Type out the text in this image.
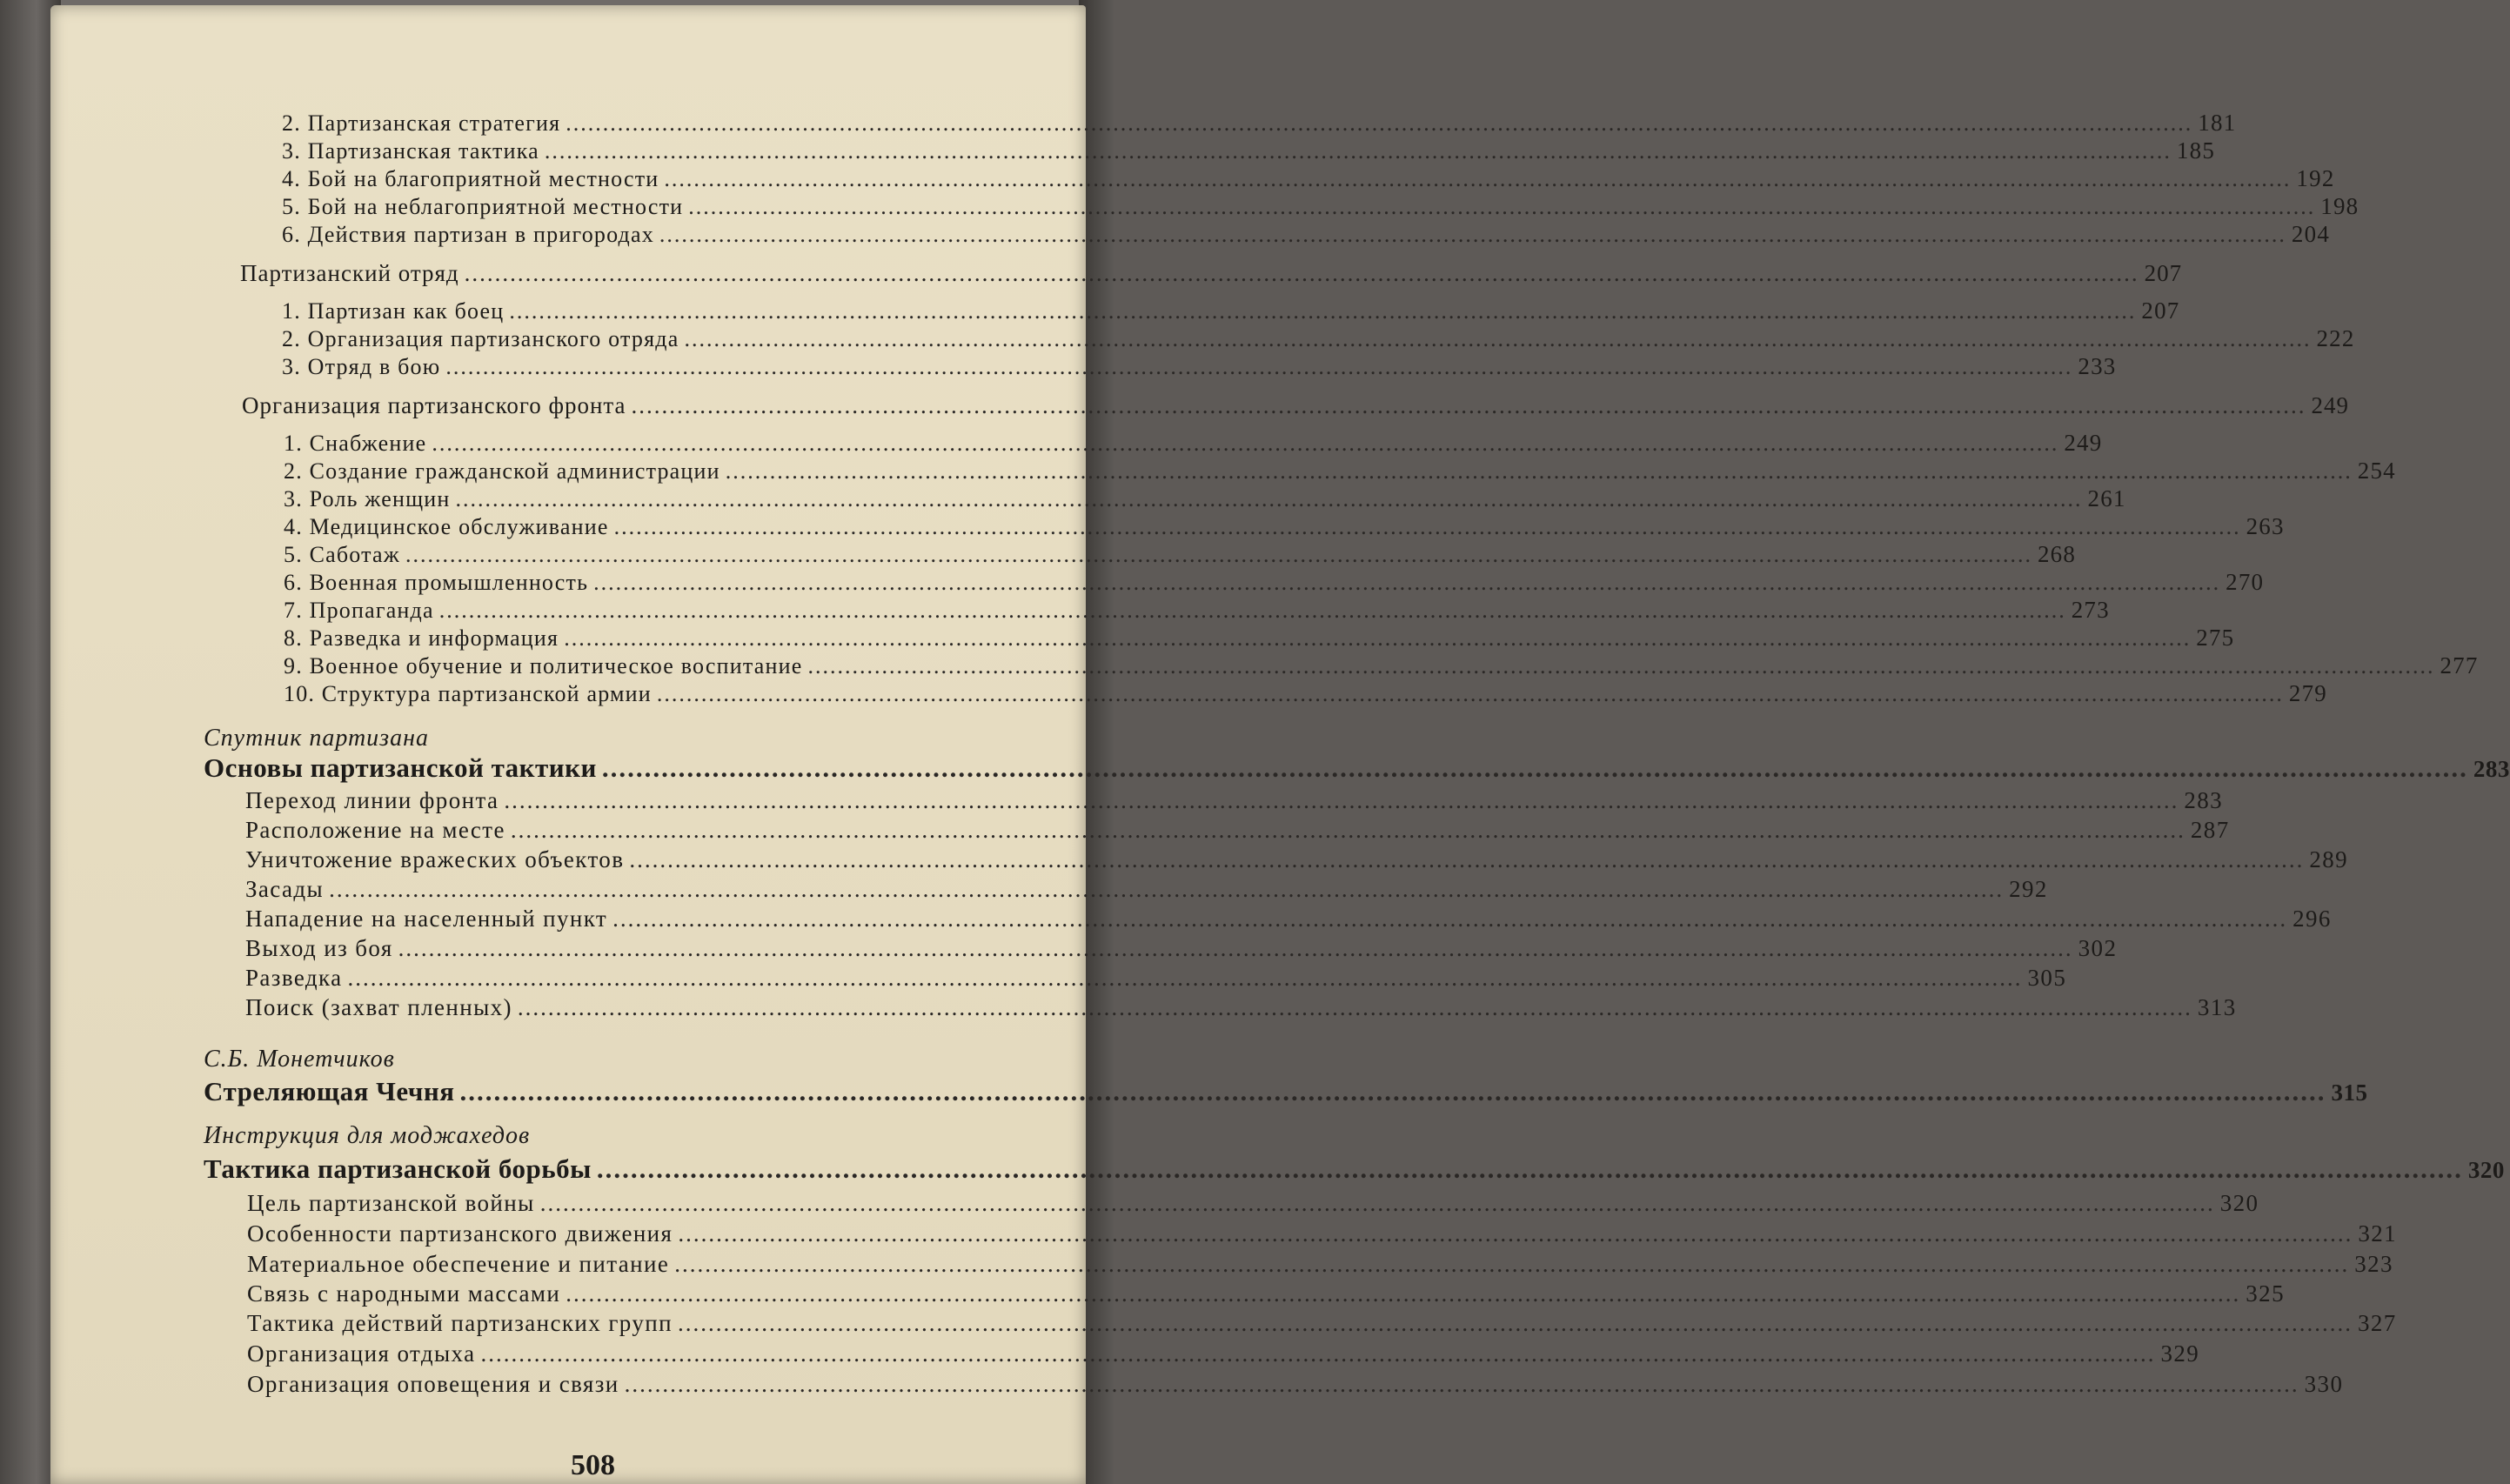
2. Партизанская стратегия ............................................................................................................................................................................................................................ 181
3. Партизанская тактика ............................................................................................................................................................................................................................ 185
4. Бой на благоприятной местности ............................................................................................................................................................................................................................ 192
5. Бой на неблагоприятной местности ............................................................................................................................................................................................................................ 198
6. Действия партизан в пригородах ............................................................................................................................................................................................................................ 204
Партизанский отряд ............................................................................................................................................................................................................................ 207
1. Партизан как боец ............................................................................................................................................................................................................................ 207
2. Организация партизанского отряда ............................................................................................................................................................................................................................ 222
3. Отряд в бою ............................................................................................................................................................................................................................ 233
Организация партизанского фронта ............................................................................................................................................................................................................................ 249
1. Снабжение ............................................................................................................................................................................................................................ 249
2. Создание гражданской администрации ............................................................................................................................................................................................................................ 254
3. Роль женщин ............................................................................................................................................................................................................................ 261
4. Медицинское обслуживание ............................................................................................................................................................................................................................ 263
5. Саботаж ............................................................................................................................................................................................................................ 268
6. Военная промышленность ............................................................................................................................................................................................................................ 270
7. Пропаганда ............................................................................................................................................................................................................................ 273
8. Разведка и информация ............................................................................................................................................................................................................................ 275
9. Военное обучение и политическое воспитание ............................................................................................................................................................................................................................ 277
10. Структура партизанской армии ............................................................................................................................................................................................................................ 279
Спутник партизана
Основы партизанской тактики ............................................................................................................................................................................................................................ 283
Переход линии фронта ............................................................................................................................................................................................................................ 283
Расположение на месте ............................................................................................................................................................................................................................ 287
Уничтожение вражеских объектов ............................................................................................................................................................................................................................ 289
Засады ............................................................................................................................................................................................................................ 292
Нападение на населенный пункт ............................................................................................................................................................................................................................ 296
Выход из боя ............................................................................................................................................................................................................................ 302
Разведка ............................................................................................................................................................................................................................ 305
Поиск (захват пленных) ............................................................................................................................................................................................................................ 313
С.Б. Монетчиков
Стреляющая Чечня ............................................................................................................................................................................................................................ 315
Инструкция для моджахедов
Тактика партизанской борьбы ............................................................................................................................................................................................................................ 320
Цель партизанской войны ............................................................................................................................................................................................................................ 320
Особенности партизанского движения ............................................................................................................................................................................................................................ 321
Материальное обеспечение и питание ............................................................................................................................................................................................................................ 323
Связь с народными массами ............................................................................................................................................................................................................................ 325
Тактика действий партизанских групп ............................................................................................................................................................................................................................ 327
Организация отдыха ............................................................................................................................................................................................................................ 329
Организация оповещения и связи ............................................................................................................................................................................................................................ 330
508
